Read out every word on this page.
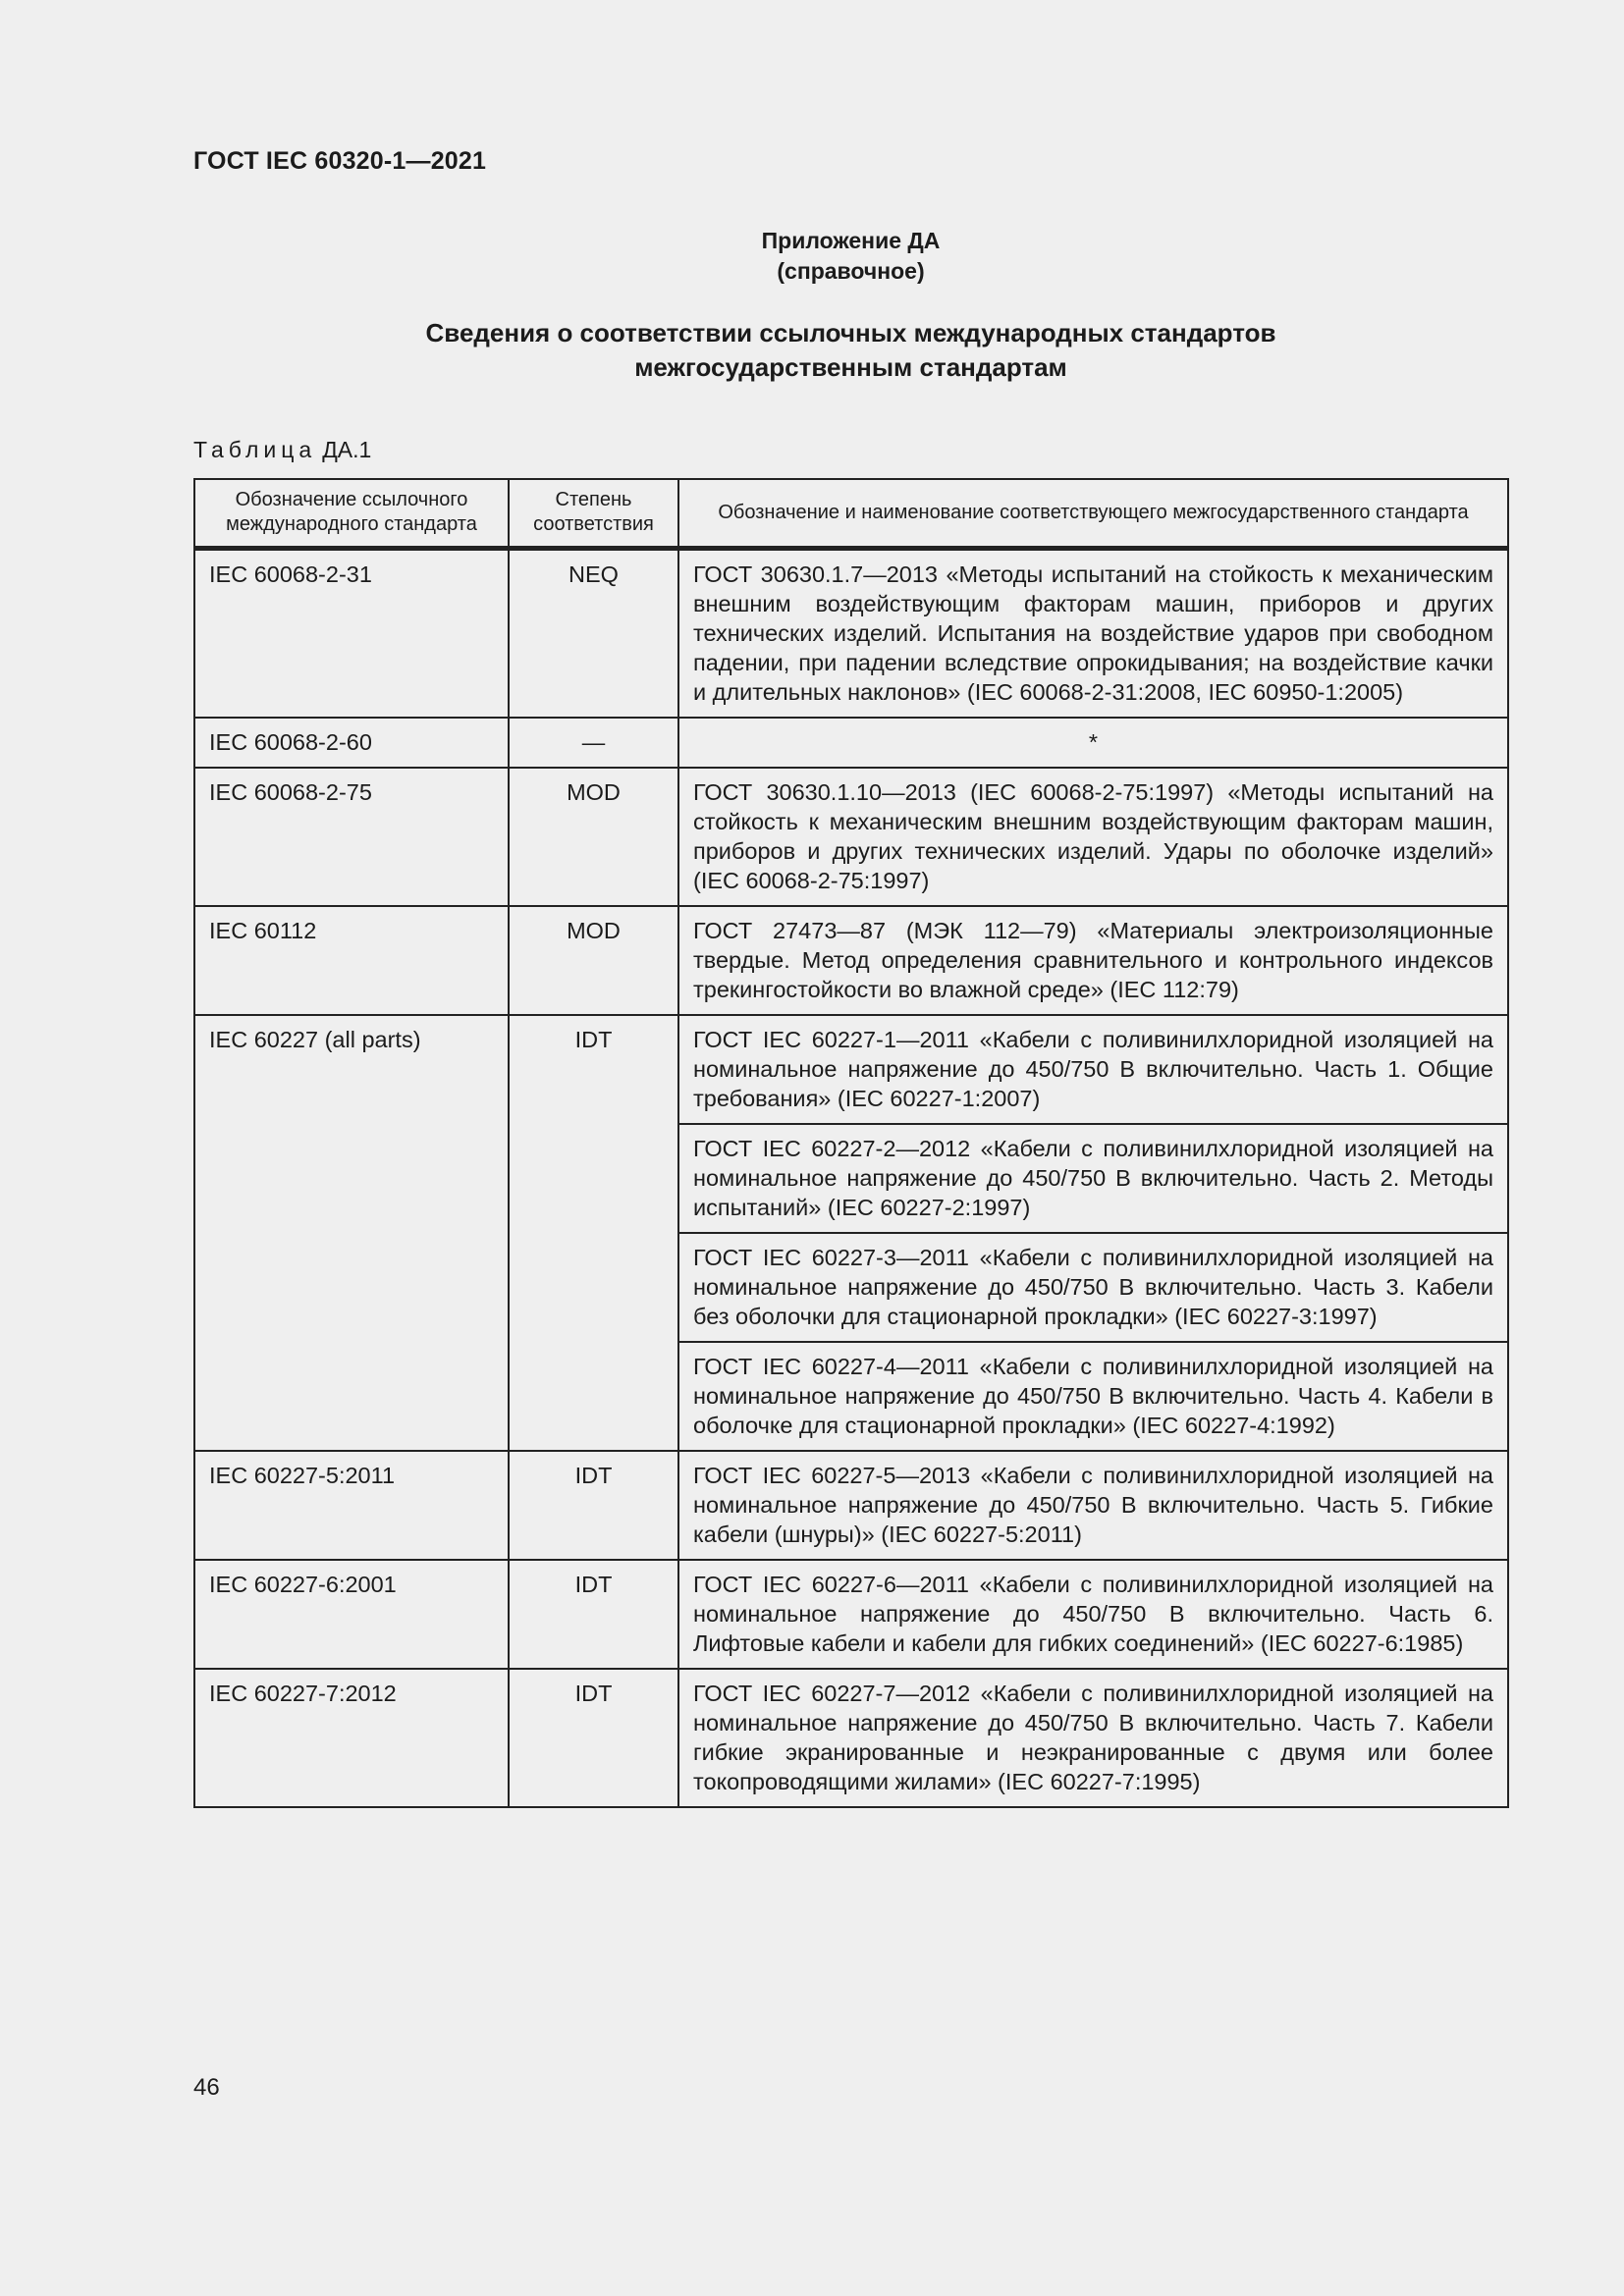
ГОСТ IEC 60320-1—2021
Приложение ДА
(справочное)
Сведения о соответствии ссылочных международных стандартов
межгосударственным стандартам
Таблица ДА.1
Обозначение ссылочного международного стандарта	Степень соответствия	Обозначение и наименование соответствующего межгосударственного стандарта
IEC 60068-2-31	NEQ	ГОСТ 30630.1.7—2013 «Методы испытаний на стойкость к механическим внешним воздействующим факторам машин, приборов и других технических изделий. Испытания на воздействие ударов при свободном падении, при падении вследствие опрокидывания; на воздействие качки и длительных наклонов» (IEC 60068-2-31:2008, IEC 60950-1:2005)
IEC 60068-2-60	—	*
IEC 60068-2-75	MOD	ГОСТ 30630.1.10—2013 (IEC 60068-2-75:1997) «Методы испытаний на стойкость к механическим внешним воздействующим факторам машин, приборов и других технических изделий. Удары по оболочке изделий» (IEC 60068-2-75:1997)
IEC 60112	MOD	ГОСТ 27473—87 (МЭК 112—79) «Материалы электроизоляционные твердые. Метод определения сравнительного и контрольного индексов трекингостойкости во влажной среде» (IEC 112:79)
IEC 60227 (all parts)	IDT	ГОСТ IEC 60227-1—2011 «Кабели с поливинилхлоридной изоляцией на номинальное напряжение до 450/750 В включительно. Часть 1. Общие требования» (IEC 60227-1:2007)
		ГОСТ IEC 60227-2—2012 «Кабели с поливинилхлоридной изоляцией на номинальное напряжение до 450/750 В включительно. Часть 2. Методы испытаний» (IEC 60227-2:1997)
		ГОСТ IEC 60227-3—2011 «Кабели с поливинилхлоридной изоляцией на номинальное напряжение до 450/750 В включительно. Часть 3. Кабели без оболочки для стационарной прокладки» (IEC 60227-3:1997)
		ГОСТ IEC 60227-4—2011 «Кабели с поливинилхлоридной изоляцией на номинальное напряжение до 450/750 В включительно. Часть 4. Кабели в оболочке для стационарной прокладки» (IEC 60227-4:1992)
IEC 60227-5:2011	IDT	ГОСТ IEC 60227-5—2013 «Кабели с поливинилхлоридной изоляцией на номинальное напряжение до 450/750 В включительно. Часть 5. Гибкие кабели (шнуры)» (IEC 60227-5:2011)
IEC 60227-6:2001	IDT	ГОСТ IEC 60227-6—2011 «Кабели с поливинилхлоридной изоляцией на номинальное напряжение до 450/750 В включительно. Часть 6. Лифтовые кабели и кабели для гибких соединений» (IEC 60227-6:1985)
IEC 60227-7:2012	IDT	ГОСТ IEC 60227-7—2012 «Кабели с поливинилхлоридной изоляцией на номинальное напряжение до 450/750 В включительно. Часть 7. Кабели гибкие экранированные и неэкранированные с двумя или более токопроводящими жилами» (IEC 60227-7:1995)
46
